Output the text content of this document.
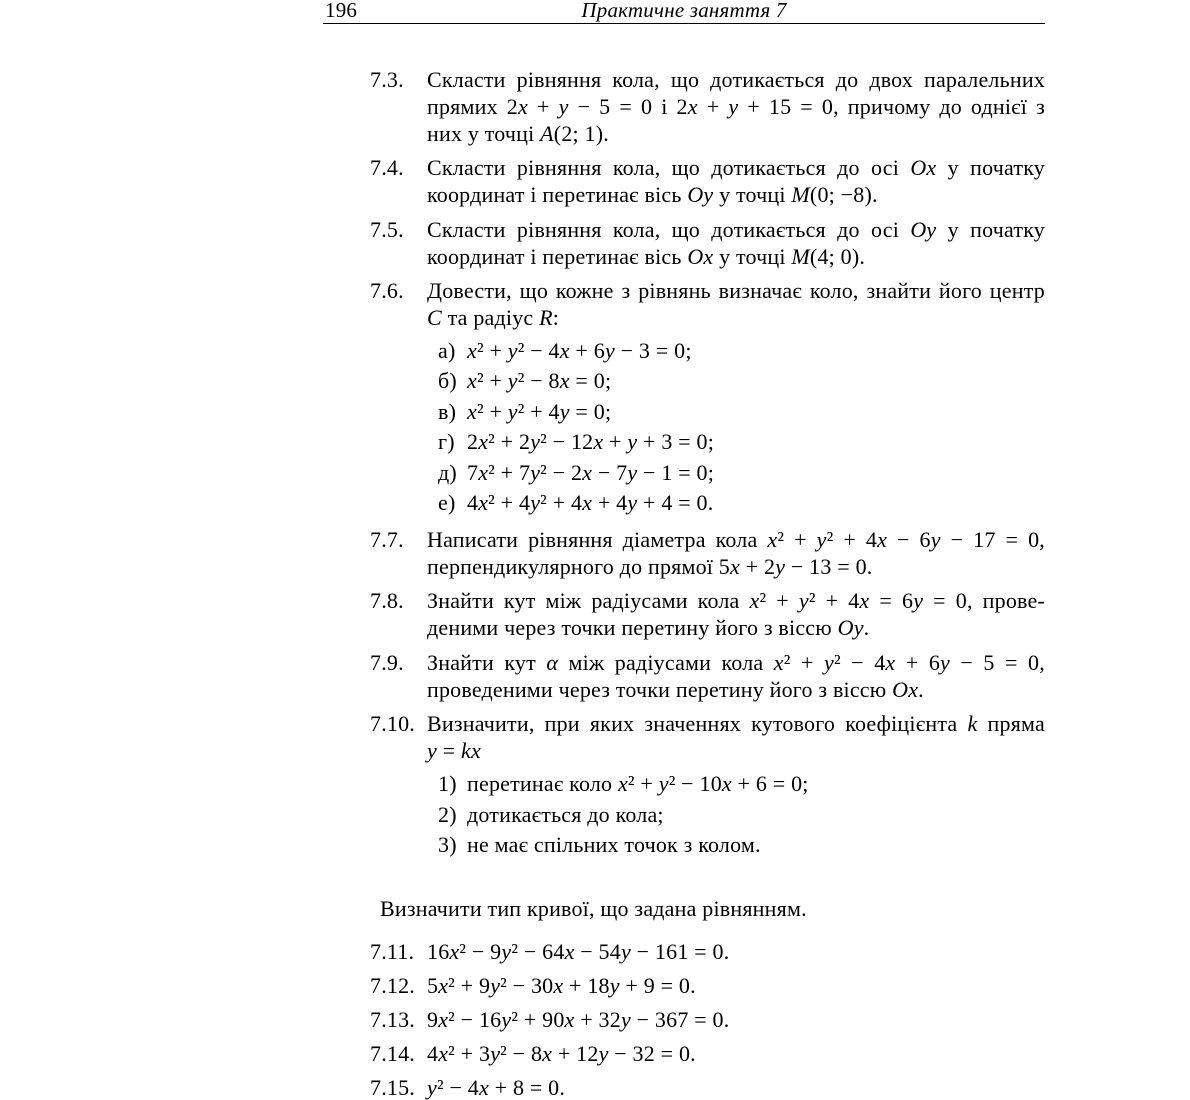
196	Практичне заняття 7
7.3.	Скласти рівняння кола, що дотикається до двох паралельних
прямих 2x + y − 5 = 0 і 2x + y + 15 = 0, причому до однієї з
них у точці A(2; 1).
7.4.	Скласти рівняння кола, що дотикається до осі Ox у початку
координат і перетинає вісь Oy у точці M(0; −8).
7.5.	Скласти рівняння кола, що дотикається до осі Oy у початку
координат і перетинає вісь Ox у точці M(4; 0).
7.6.	Довести, що кожне з рівнянь визначає коло, знайти його центр
C та радіус R:
а) x² + y² − 4x + 6y − 3 = 0;
б) x² + y² − 8x = 0;
в) x² + y² + 4y = 0;
г) 2x² + 2y² − 12x + y + 3 = 0;
д) 7x² + 7y² − 2x − 7y − 1 = 0;
е) 4x² + 4y² + 4x + 4y + 4 = 0.
7.7.	Написати рівняння діаметра кола x² + y² + 4x − 6y − 17 = 0,
перпендикулярного до прямої 5x + 2y − 13 = 0.
7.8.	Знайти кут між радіусами кола x² + y² + 4x = 6y = 0, прове-
деними через точки перетину його з віссю Oy.
7.9.	Знайти кут α між радіусами кола x² + y² − 4x + 6y − 5 = 0,
проведеними через точки перетину його з віссю Ox.
7.10. Визначити, при яких значеннях кутового коефіцієнта k пряма
y = kx
1) перетинає коло x² + y² − 10x + 6 = 0;
2) дотикається до кола;
3) не має спільних точок з колом.
Визначити тип кривої, що задана рівнянням.
7.11. 16x² − 9y² − 64x − 54y − 161 = 0.
7.12. 5x² + 9y² − 30x + 18y + 9 = 0.
7.13. 9x² − 16y² + 90x + 32y − 367 = 0.
7.14. 4x² + 3y² − 8x + 12y − 32 = 0.
7.15. y² − 4x + 8 = 0.
